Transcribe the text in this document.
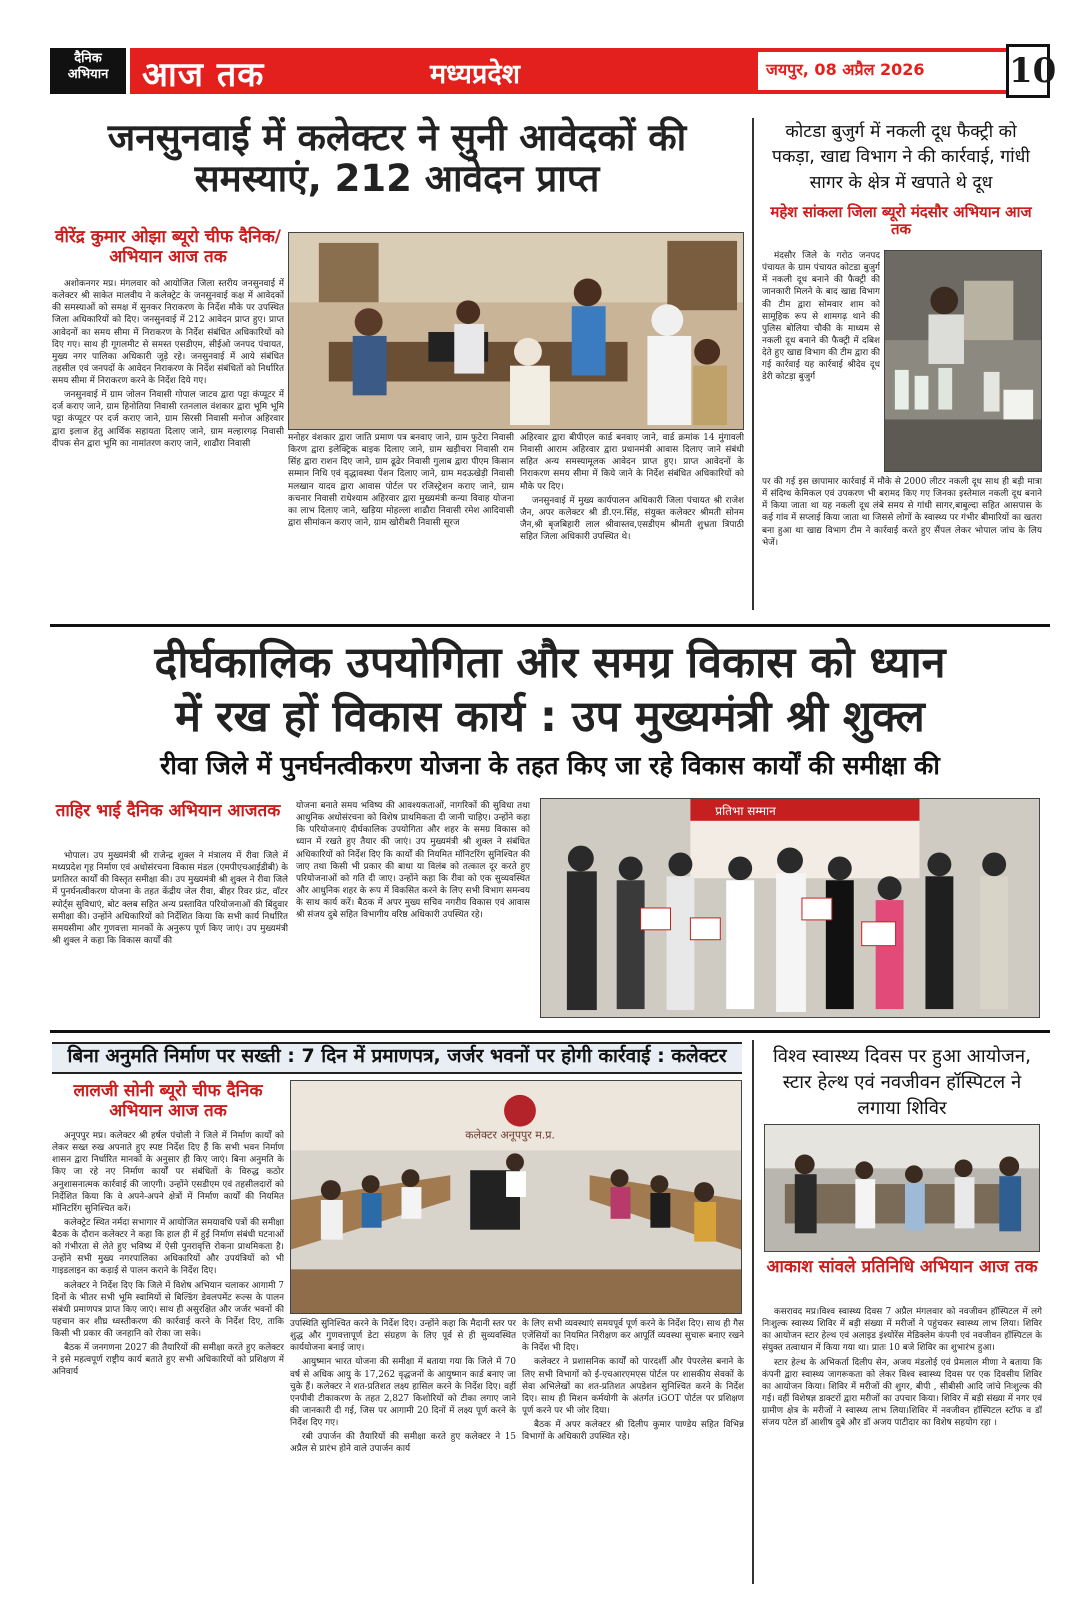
दैनिक
अभियान आज तक	मध्यप्रदेश	जयपुर, 08 अप्रैल 2026 10
जनसुनवाई में कलेक्टर ने सुनी आवेदकों की समस्याएं, 212 आवेदन प्राप्त
वीरेंद्र कुमार ओझा ब्यूरो चीफ दैनिक/ अभियान आज तक

अशोकनगर मप्र। मंगलवार को आयोजित जिला स्तरीय जनसुनवाई में कलेक्टर श्री साकेत मालवीय ने कलेक्ट्रेट के जनसुनवाई कक्ष में आवेदकों की समस्याओं को समक्ष में सुनकर निराकरण के निर्देश मौके पर उपस्थित जिला अधिकारियों को दिए। जनसुनवाई में 212 आवेदन प्राप्त हुए। प्राप्त आवेदनों का समय सीमा में निराकरण के निर्देश संबंधित अधिकारियों को दिए गए। साथ ही गूगलमीट से समस्त एसडीएम, सीईओ जनपद पंचायत, मुख्य नगर पालिका अधिकारी जुड़े रहे। जनसुनवाई में आये संबंधित तहसील एवं जनपदों के आवेदन निराकरण के निर्देश संबंधितों को निर्धारित समय सीमा में निराकरण करने के निर्देश दिये गए।

जनसुनवाई में ग्राम जोलन निवासी गोपाल जाटव द्वारा पट्टा कंप्यूटर में दर्ज कराए जाने, ग्राम हिनोतिया निवासी रतनलाल वंशकार द्वारा भूमि भूमि पट्टा कंप्यूटर पर दर्ज कराए जाने, ग्राम सिरसी निवासी मनोज अहिरवार द्वारा इलाज हेतु आर्थिक सहायता दिलाए जाने, ग्राम मल्हारगढ़ निवासी दीपक सेन द्वारा भूमि का नामांतरण कराए जाने, शाढौरा निवासी

मनोहर वंशकार द्वारा जाति प्रमाण पत्र बनवाए जाने, ग्राम फुटेरा निवासी किरण द्वारा इलेक्ट्रिक बाइक दिलाए जाने, ग्राम खड़ीचरा निवासी राम सिंह द्वारा राशन दिए जाने, ग्राम ढूढेर निवासी गुलाब द्वारा पीएम किसान सम्मान निधि एवं वृद्धावस्था पेंशन दिलाए जाने, ग्राम मदऊखेड़ी निवासी मलखान यादव द्वारा आवास पोर्टल पर रजिस्ट्रेशन कराए जाने, ग्राम कचनार निवासी राधेश्याम अहिरवार द्वारा मुख्यमंत्री कन्या विवाह योजना का लाभ दिलाए जाने, खड़िया मोहल्ला शाढौरा निवासी रमेश आदिवासी द्वारा सीमांकन कराए जाने, ग्राम खोरीबरी निवासी सूरज

अहिरवार द्वारा बीपीएल कार्ड बनवाए जाने, वार्ड क्रमांक 14 मुंगावली निवासी आराम अहिरवार द्वारा प्रधानमंत्री आवास दिलाए जाने संबंधी सहित अन्य समस्यामूलक आवेदन प्राप्त हुए। प्राप्त आवेदनों के निराकरण समय सीमा में किये जाने के निर्देश संबंधित अधिकारियों को मौके पर दिए।

जनसुनवाई में मुख्य कार्यपालन अधिकारी जिला पंचायत श्री राजेश जैन, अपर कलेक्टर श्री डी.एन.सिंह, संयुक्त कलेक्टर श्रीमती सोनम जैन,श्री बृजबिहारी लाल श्रीवास्तव,एसडीएम श्रीमती शुभ्रता त्रिपाठी सहित जिला अधिकारी उपस्थित थे।

कोटडा बुजुर्ग में नकली दूध फैक्ट्री को पकड़ा, खाद्य विभाग ने की कार्रवाई, गांधी सागर के क्षेत्र में खपाते थे दूध
महेश सांकला जिला ब्यूरो मंदसौर अभियान आज तक

मंदसौर जिले के गरोठ जनपद पंचायत के ग्राम पंचायत कोटडा बुजुर्ग में नकली दूध बनाने की फैक्ट्री की जानकारी मिलने के बाद खाद्य विभाग की टीम द्वारा सोमवार शाम को सामूहिक रूप से शामगढ़ थाने की पुलिस बोलिया चौकी के माध्यम से नकली दूध बनाने की फैक्ट्री में दबिश देते हुए खाद्य विभाग की टीम द्वारा की गई कार्रवाई यह कार्रवाई श्रीदेव दूध डेरी कोटड़ा बुजुर्ग

पर की गई इस छापामार कार्रवाई में मौके से 2000 लीटर नकली दूध साथ ही बड़ी मात्रा में संदिग्ध केमिकल एवं उपकरण भी बरामद किए गए जिनका इस्तेमाल नकली दूध बनाने में किया जाता था यह नकली दूध लंबे समय से गांधी सागर,बाबुल्दा सहित आसपास के कई गांव में सप्लाई किया जाता था जिससे लोगों के स्वास्थ्य पर गंभीर बीमारियों का खतरा बना हुआ था खाद्य विभाग टीम ने कार्रवाई करते हुए सैंपल लेकर भोपाल जांच के लिय भेजें।

दीर्घकालिक उपयोगिता और समग्र विकास को ध्यान
में रख हों विकास कार्य : उप मुख्यमंत्री श्री शुक्ल
रीवा जिले में पुनर्घनत्वीकरण योजना के तहत किए जा रहे विकास कार्यों की समीक्षा की
ताहिर भाई दैनिक अभियान आजतक

भोपाल। उप मुख्यमंत्री श्री राजेन्द्र शुक्ल ने मंत्रालय में रीवा जिले में मध्यप्रदेश गृह निर्माण एवं अधोसंरचना विकास मंडल (एमपीएचआईडीबी) के प्रगतिरत कार्यों की विस्तृत समीक्षा की। उप मुख्यमंत्री श्री शुक्ल ने रीवा जिले में पुनर्घनत्वीकरण योजना के तहत केंद्रीय जेल रीवा, बीहर रिवर फ्रंट, वॉटर स्पोर्ट्स सुविधाएं, बोट क्लब सहित अन्य प्रस्तावित परियोजनाओं की बिंदुवार समीक्षा की। उन्होंने अधिकारियों को निर्देशित किया कि सभी कार्य निर्धारित समयसीमा और गुणवत्ता मानकों के अनुरूप पूर्ण किए जाएं। उप मुख्यमंत्री श्री शुक्ल ने कहा कि विकास कार्यों की

योजना बनाते समय भविष्य की आवश्यकताओं, नागरिकों की सुविधा तथा आधुनिक अधोसंरचना को विशेष प्राथमिकता दी जानी चाहिए। उन्होंने कहा कि परियोजनाएं दीर्घकालिक उपयोगिता और शहर के समग्र विकास को ध्यान में रखते हुए तैयार की जाएं। उप मुख्यमंत्री श्री शुक्ल ने संबंधित अधिकारियों को निर्देश दिए कि कार्यों की नियमित मॉनिटरिंग सुनिश्चित की जाए तथा किसी भी प्रकार की बाधा या विलंब को तत्काल दूर करते हुए परियोजनाओं को गति दी जाए। उन्होंने कहा कि रीवा को एक सुव्यवस्थित और आधुनिक शहर के रूप में विकसित करने के लिए सभी विभाग समन्वय के साथ कार्य करें। बैठक में अपर मुख्य सचिव नगरीय विकास एवं आवास श्री संजय दुबे सहित विभागीय वरिष्ठ अधिकारी उपस्थित रहे।

प्रतिभा सम्मान
बिना अनुमति निर्माण पर सख्ती : 7 दिन में प्रमाणपत्र, जर्जर भवनों पर होगी कार्रवाई : कलेक्टर
लालजी सोनी ब्यूरो चीफ दैनिक अभियान आज तक

अनूपपुर मप्र। कलेक्टर श्री हर्षल पंचोली ने जिले में निर्माण कार्यों को लेकर सख्त रुख अपनाते हुए स्पष्ट निर्देश दिए हैं कि सभी भवन निर्माण शासन द्वारा निर्धारित मानकों के अनुसार ही किए जाएं। बिना अनुमति के किए जा रहे नए निर्माण कार्यों पर संबंधितों के विरुद्ध कठोर अनुशासनात्मक कार्रवाई की जाएगी। उन्होंने एसडीएम एवं तहसीलदारों को निर्देशित किया कि वे अपने-अपने क्षेत्रों में निर्माण कार्यों की नियमित मॉनिटरिंग सुनिश्चित करें।

कलेक्ट्रेट स्थित नर्मदा सभागार में आयोजित समयावधि पत्रों की समीक्षा बैठक के दौरान कलेक्टर ने कहा कि हाल ही में हुई निर्माण संबंधी घटनाओं को गंभीरता से लेते हुए भविष्य में ऐसी पुनरावृत्ति रोकना प्राथमिकता है। उन्होंने सभी मुख्य नगरपालिका अधिकारियों और उपयंत्रियों को भी गाइडलाइन का कड़ाई से पालन कराने के निर्देश दिए।

कलेक्टर ने निर्देश दिए कि जिले में विशेष अभियान चलाकर आगामी 7 दिनों के भीतर सभी भूमि स्वामियों से बिल्डिंग डेवलपमेंट रूल्स के पालन संबंधी प्रमाणपत्र प्राप्त किए जाएं। साथ ही असुरक्षित और जर्जर भवनों की पहचान कर शीघ्र ध्वस्तीकरण की कार्रवाई करने के निर्देश दिए, ताकि किसी भी प्रकार की जनहानि को रोका जा सके।

बैठक में जनगणना 2027 की तैयारियों की समीक्षा करते हुए कलेक्टर ने इसे महत्वपूर्ण राष्ट्रीय कार्य बताते हुए सभी अधिकारियों को प्रशिक्षण में अनिवार्य

कलेक्टर अनूपपुर म.प्र.

उपस्थिति सुनिश्चित करने के निर्देश दिए। उन्होंने कहा कि मैदानी स्तर पर शुद्ध और गुणवत्तापूर्ण डेटा संग्रहण के लिए पूर्व से ही सुव्यवस्थित कार्ययोजना बनाई जाए।

आयुष्मान भारत योजना की समीक्षा में बताया गया कि जिले में 70 वर्ष से अधिक आयु के 17,262 वृद्धजनों के आयुष्मान कार्ड बनाए जा चुके हैं। कलेक्टर ने शत-प्रतिशत लक्ष्य हासिल करने के निर्देश दिए। वहीं एनपीवी टीकाकरण के तहत 2,827 किशोरियों को टीका लगाए जाने की जानकारी दी गई, जिस पर आगामी 20 दिनों में लक्ष्य पूर्ण करने के निर्देश दिए गए।

रबी उपार्जन की तैयारियों की समीक्षा करते हुए कलेक्टर ने 15 अप्रैल से प्रारंभ होने वाले उपार्जन कार्य

के लिए सभी व्यवस्थाएं समयपूर्व पूर्ण करने के निर्देश दिए। साथ ही गैस एजेंसियों का नियमित निरीक्षण कर आपूर्ति व्यवस्था सुचारू बनाए रखने के निर्देश भी दिए।

कलेक्टर ने प्रशासनिक कार्यों को पारदर्शी और पेपरलेस बनाने के लिए सभी विभागों को ई-एचआरएमएस पोर्टल पर शासकीय सेवकों के सेवा अभिलेखों का शत-प्रतिशत अपडेशन सुनिश्चित करने के निर्देश दिए। साथ ही मिशन कर्मयोगी के अंतर्गत iGOT पोर्टल पर प्रशिक्षण पूर्ण करने पर भी जोर दिया।

बैठक में अपर कलेक्टर श्री दिलीप कुमार पाण्डेय सहित विभिन्न विभागों के अधिकारी उपस्थित रहे।

विश्व स्वास्थ्य दिवस पर हुआ आयोजन, स्टार हेल्थ एवं नवजीवन हॉस्पिटल ने लगाया शिविर
आकाश सांवले प्रतिनिधि अभियान आज तक

कसरावद मप्र।विश्व स्वास्थ्य दिवस 7 अप्रैल मंगलवार को नवजीवन हॉस्पिटल में लगे निःशुल्क स्वास्थ्य शिविर में बड़ी संख्या में मरीजों ने पहुंचकर स्वास्थ्य लाभ लिया। शिविर का आयोजन स्टार हेल्थ एवं अलाइड इंश्योरेंस मेडिक्लेम कंपनी एवं नवजीवन हॉस्पिटल के संयुक्त तत्वाधान में किया गया था। प्रातः 10 बजे शिविर का शुभारंभ हुआ।

स्टार हेल्थ के अभिकर्ता दिलीप सेन, अजय मंडलोई एवं प्रेमलाल मीणा ने बताया कि कंपनी द्वारा स्वास्थ्य जागरूकता को लेकर विश्व स्वास्थ्य दिवस पर एक दिवसीय शिविर का आयोजन किया। शिविर में मरीजों की शुगर, बीपी , सीबीसी आदि जांचे निःशुल्क की गई। वहीं विशेषज्ञ डाक्टरों द्वारा मरीजों का उपचार किया। शिविर में बड़ी संख्या में नगर एवं ग्रामीण क्षेत्र के मरीजों ने स्वास्थ्य लाभ लिया।शिविर में नवजीवन हॉस्पिटल स्टॉफ व डॉ संजय पटेल डॉ आशीष दुबे और डॉ अजय पाटीदार का विशेष सहयोग रहा ।
